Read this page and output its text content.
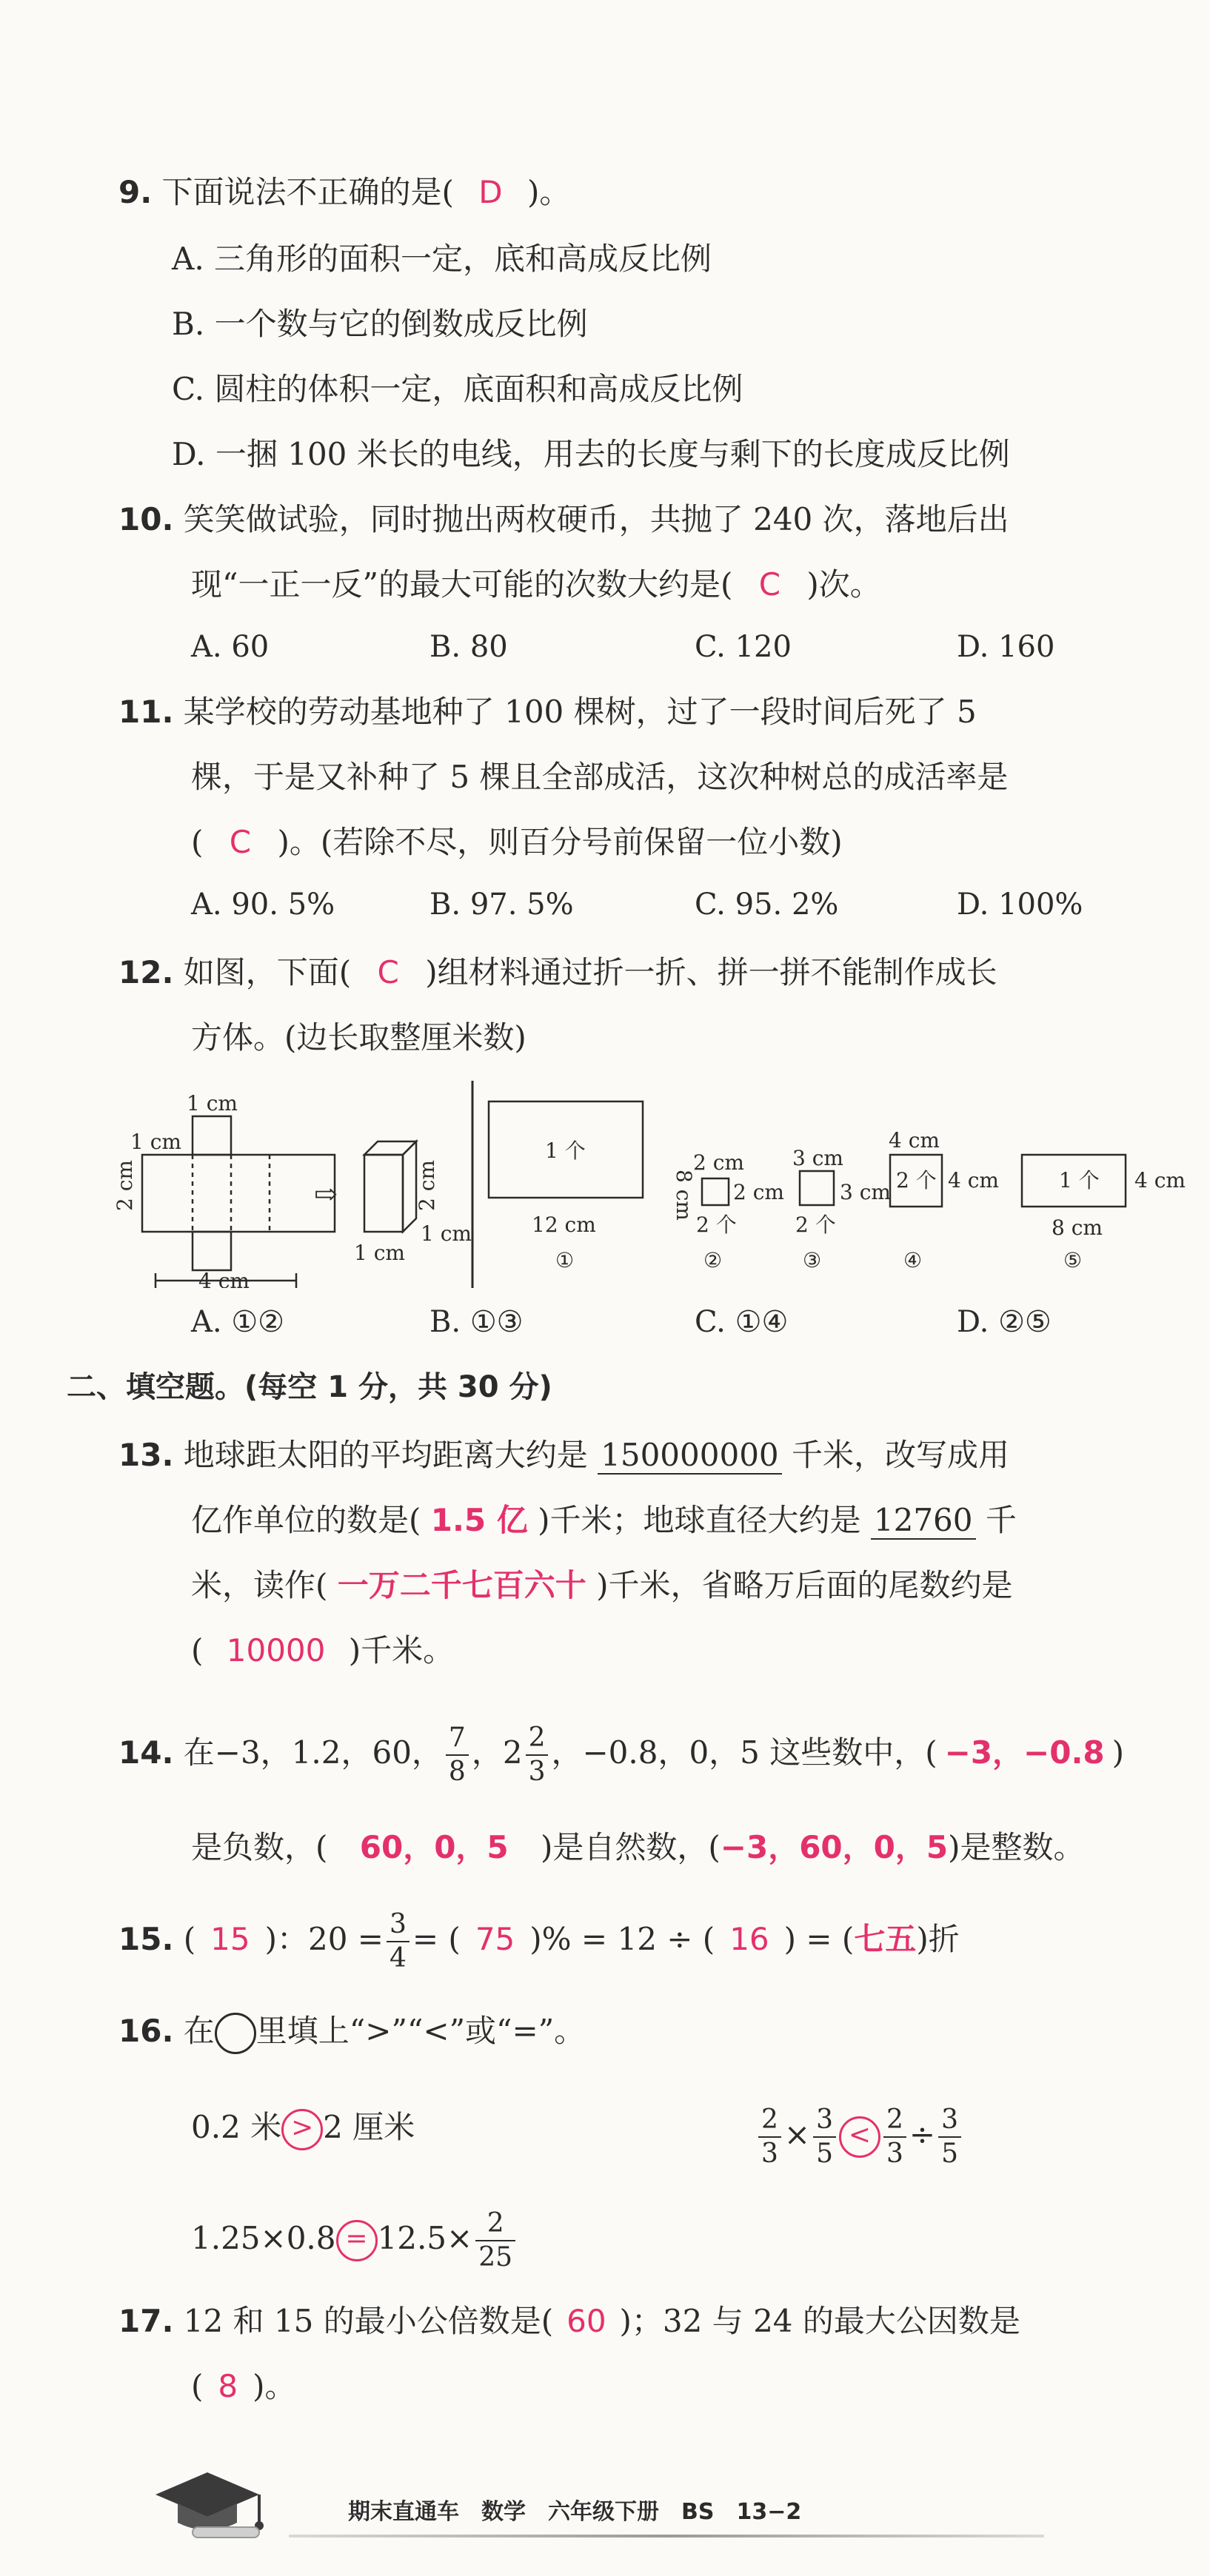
9. 下面说法不正确的是( D )。
A. 三角形的面积一定，底和高成反比例
B. 一个数与它的倒数成反比例
C. 圆柱的体积一定，底面积和高成反比例
D. 一捆 100 米长的电线，用去的长度与剩下的长度成反比例
10. 笑笑做试验，同时抛出两枚硬币，共抛了 240 次，落地后出
现“一正一反”的最大可能的次数大约是( C )次。
A. 60	B. 80	C. 120	D. 160
11. 某学校的劳动基地种了 100 棵树，过了一段时间后死了 5
棵，于是又补种了 5 棵且全部成活，这次种树总的成活率是
( C )。(若除不尽，则百分号前保留一位小数)
A. 90. 5%	B. 97. 5%	C. 95. 2%	D. 100%
12. 如图，下面( C )组材料通过折一折、拼一拼不能制作成长
方体。(边长取整厘米数)
1 cm
1 cm
2 cm
4 cm
⇨	2 cm
1 cm
1 cm
1 个
8 cm
12 cm
①
2 cm
2 cm
2 个
②
3 cm
3 cm
2 个
③
4 cm
2 个 4 cm
④
1 个 4 cm
8 cm
⑤
A. ①②	B. ①③	C. ①④	D. ②⑤
二、填空题。(每空 1 分，共 30 分)
13. 地球距太阳的平均距离大约是 150000000 千米，改写成用
亿作单位的数是( 1.5 亿 )千米；地球直径大约是 12760 千
米，读作( 一万二千七百六十 )千米，省略万后面的尾数约是
( 10000 )千米。
14. 在−3，1.2，60， $\frac{7}{8}$ ，$2 \frac{2}{3}$ ，−0.8，0，5 这些数中，( −3，−0.8 )
是负数，( 60，0，5 )是自然数，(−3，60，0，5)是整数。
15. ( 15 )：$20 = \frac{3}{4}$ = ( 75 )% = 12 ÷ ( 16 ) = (七五)折
16. 在 里填上“>”“<”或“=”。
0.2 米 > 2 厘米	$\frac{2}{3} \times \frac{3}{5} < \frac{2}{3} \div \frac{3}{5}$
$1.25\times 0.8 = 12.5\times \frac{2}{25}$
17. 12 和 15 的最小公倍数是( 60 )；32 与 24 的最大公因数是
( 8 )。
期末直通车　数学　六年级下册　BS　13−2
